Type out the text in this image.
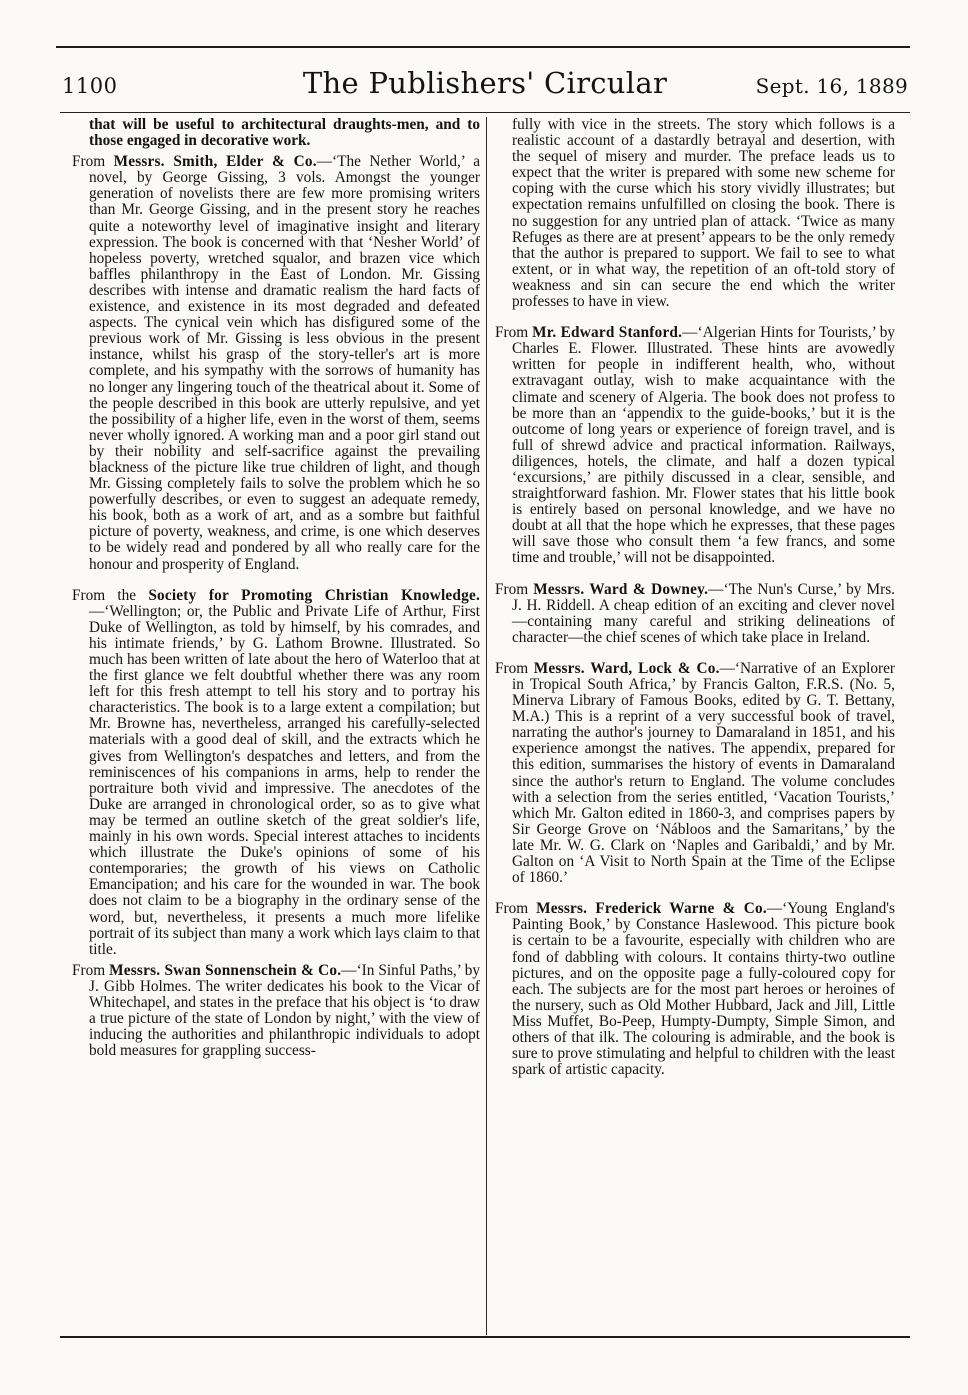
1100	The Publishers' Circular	Sept. 16, 1889

that will be useful to architectural draughts-men, and to those engaged in decorative work.

From Messrs. Smith, Elder & Co.—‘The Nether World,’ a novel, by George Gissing, 3 vols. Amongst the younger generation of novelists there are few more promising writers than Mr. George Gissing, and in the present story he reaches quite a noteworthy level of imaginative insight and literary expression. The book is concerned with that ‘Nesher World’ of hopeless poverty, wretched squalor, and brazen vice which baffles philanthropy in the East of London. Mr. Gissing describes with intense and dramatic realism the hard facts of existence, and existence in its most degraded and defeated aspects. The cynical vein which has disfigured some of the previous work of Mr. Gissing is less obvious in the present instance, whilst his grasp of the story-teller's art is more complete, and his sympathy with the sorrows of humanity has no longer any lingering touch of the theatrical about it. Some of the people described in this book are utterly repulsive, and yet the possibility of a higher life, even in the worst of them, seems never wholly ignored. A working man and a poor girl stand out by their nobility and self-sacrifice against the prevailing blackness of the picture like true children of light, and though Mr. Gissing completely fails to solve the problem which he so powerfully describes, or even to suggest an adequate remedy, his book, both as a work of art, and as a sombre but faithful picture of poverty, weakness, and crime, is one which deserves to be widely read and pondered by all who really care for the honour and prosperity of England.

From the Society for Promoting Christian Knowledge.—‘Wellington; or, the Public and Private Life of Arthur, First Duke of Wellington, as told by himself, by his comrades, and his intimate friends,’ by G. Lathom Browne. Illustrated. So much has been written of late about the hero of Waterloo that at the first glance we felt doubtful whether there was any room left for this fresh attempt to tell his story and to portray his characteristics. The book is to a large extent a compilation; but Mr. Browne has, nevertheless, arranged his carefully-selected materials with a good deal of skill, and the extracts which he gives from Wellington's despatches and letters, and from the reminiscences of his companions in arms, help to render the portraiture both vivid and impressive. The anecdotes of the Duke are arranged in chronological order, so as to give what may be termed an outline sketch of the great soldier's life, mainly in his own words. Special interest attaches to incidents which illustrate the Duke's opinions of some of his contemporaries; the growth of his views on Catholic Emancipation; and his care for the wounded in war. The book does not claim to be a biography in the ordinary sense of the word, but, nevertheless, it presents a much more lifelike portrait of its subject than many a work which lays claim to that title.

From Messrs. Swan Sonnenschein & Co.—‘In Sinful Paths,’ by J. Gibb Holmes. The writer dedicates his book to the Vicar of Whitechapel, and states in the preface that his object is ‘to draw a true picture of the state of London by night,’ with the view of inducing the authorities and philanthropic individuals to adopt bold measures for grappling success-

fully with vice in the streets. The story which follows is a realistic account of a dastardly betrayal and desertion, with the sequel of misery and murder. The preface leads us to expect that the writer is prepared with some new scheme for coping with the curse which his story vividly illustrates; but expectation remains unfulfilled on closing the book. There is no suggestion for any untried plan of attack. ‘Twice as many Refuges as there are at present’ appears to be the only remedy that the author is prepared to support. We fail to see to what extent, or in what way, the repetition of an oft-told story of weakness and sin can secure the end which the writer professes to have in view.

From Mr. Edward Stanford.—‘Algerian Hints for Tourists,’ by Charles E. Flower. Illustrated. These hints are avowedly written for people in indifferent health, who, without extravagant outlay, wish to make acquaintance with the climate and scenery of Algeria. The book does not profess to be more than an ‘appendix to the guide-books,’ but it is the outcome of long years or experience of foreign travel, and is full of shrewd advice and practical information. Railways, diligences, hotels, the climate, and half a dozen typical ‘excursions,’ are pithily discussed in a clear, sensible, and straightforward fashion. Mr. Flower states that his little book is entirely based on personal knowledge, and we have no doubt at all that the hope which he expresses, that these pages will save those who consult them ‘a few francs, and some time and trouble,’ will not be disappointed.

From Messrs. Ward & Downey.—‘The Nun's Curse,’ by Mrs. J. H. Riddell. A cheap edition of an exciting and clever novel—containing many careful and striking delineations of character—the chief scenes of which take place in Ireland.

From Messrs. Ward, Lock & Co.—‘Narrative of an Explorer in Tropical South Africa,’ by Francis Galton, F.R.S. (No. 5, Minerva Library of Famous Books, edited by G. T. Bettany, M.A.) This is a reprint of a very successful book of travel, narrating the author's journey to Damaraland in 1851, and his experience amongst the natives. The appendix, prepared for this edition, summarises the history of events in Damaraland since the author's return to England. The volume concludes with a selection from the series entitled, ‘Vacation Tourists,’ which Mr. Galton edited in 1860-3, and comprises papers by Sir George Grove on ‘Nábloos and the Samaritans,’ by the late Mr. W. G. Clark on ‘Naples and Garibaldi,’ and by Mr. Galton on ‘A Visit to North Spain at the Time of the Eclipse of 1860.’

From Messrs. Frederick Warne & Co.—‘Young England's Painting Book,’ by Constance Haslewood. This picture book is certain to be a favourite, especially with children who are fond of dabbling with colours. It contains thirty-two outline pictures, and on the opposite page a fully-coloured copy for each. The subjects are for the most part heroes or heroines of the nursery, such as Old Mother Hubbard, Jack and Jill, Little Miss Muffet, Bo-Peep, Humpty-Dumpty, Simple Simon, and others of that ilk. The colouring is admirable, and the book is sure to prove stimulating and helpful to children with the least spark of artistic capacity.
